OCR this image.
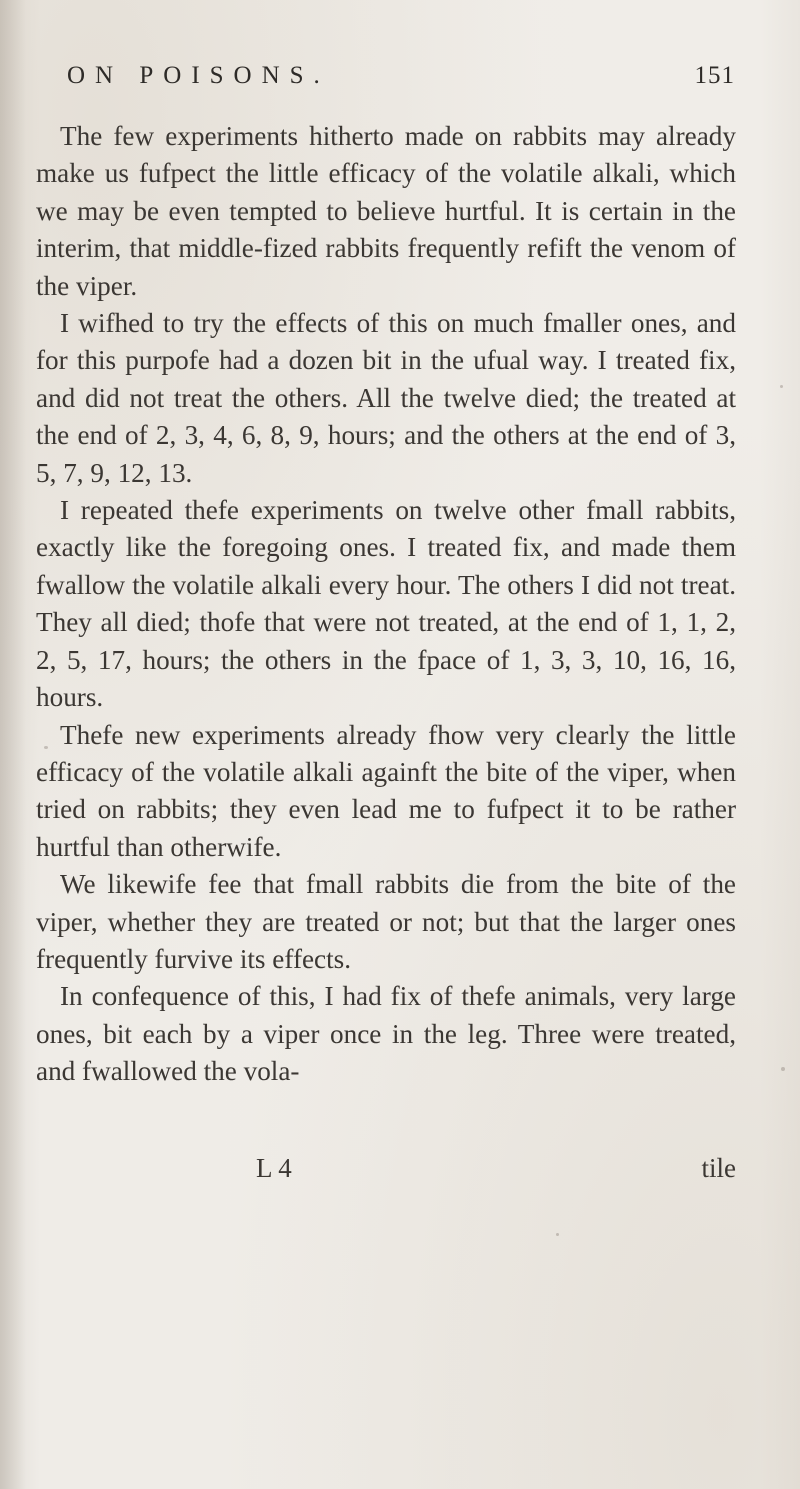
ON POISONS.	151

The few experiments hitherto made on rabbits may already make us fufpect the little efficacy of the volatile alkali, which we may be even tempted to believe hurtful. It is certain in the interim, that middle-fized rabbits frequently refift the venom of the viper.

I wifhed to try the effects of this on much fmaller ones, and for this purpofe had a dozen bit in the ufual way. I treated fix, and did not treat the others. All the twelve died; the treated at the end of 2, 3, 4, 6, 8, 9, hours; and the others at the end of 3, 5, 7, 9, 12, 13.

I repeated thefe experiments on twelve other fmall rabbits, exactly like the foregoing ones. I treated fix, and made them fwallow the volatile alkali every hour. The others I did not treat. They all died; thofe that were not treated, at the end of 1, 1, 2, 2, 5, 17, hours; the others in the fpace of 1, 3, 3, 10, 16, 16, hours.

Thefe new experiments already fhow very clearly the little efficacy of the volatile alkali againft the bite of the viper, when tried on rabbits; they even lead me to fufpect it to be rather hurtful than otherwife.

We likewife fee that fmall rabbits die from the bite of the viper, whether they are treated or not; but that the larger ones frequently furvive its effects.

In confequence of this, I had fix of thefe animals, very large ones, bit each by a viper once in the leg. Three were treated, and fwallowed the vola-

L 4	tile
